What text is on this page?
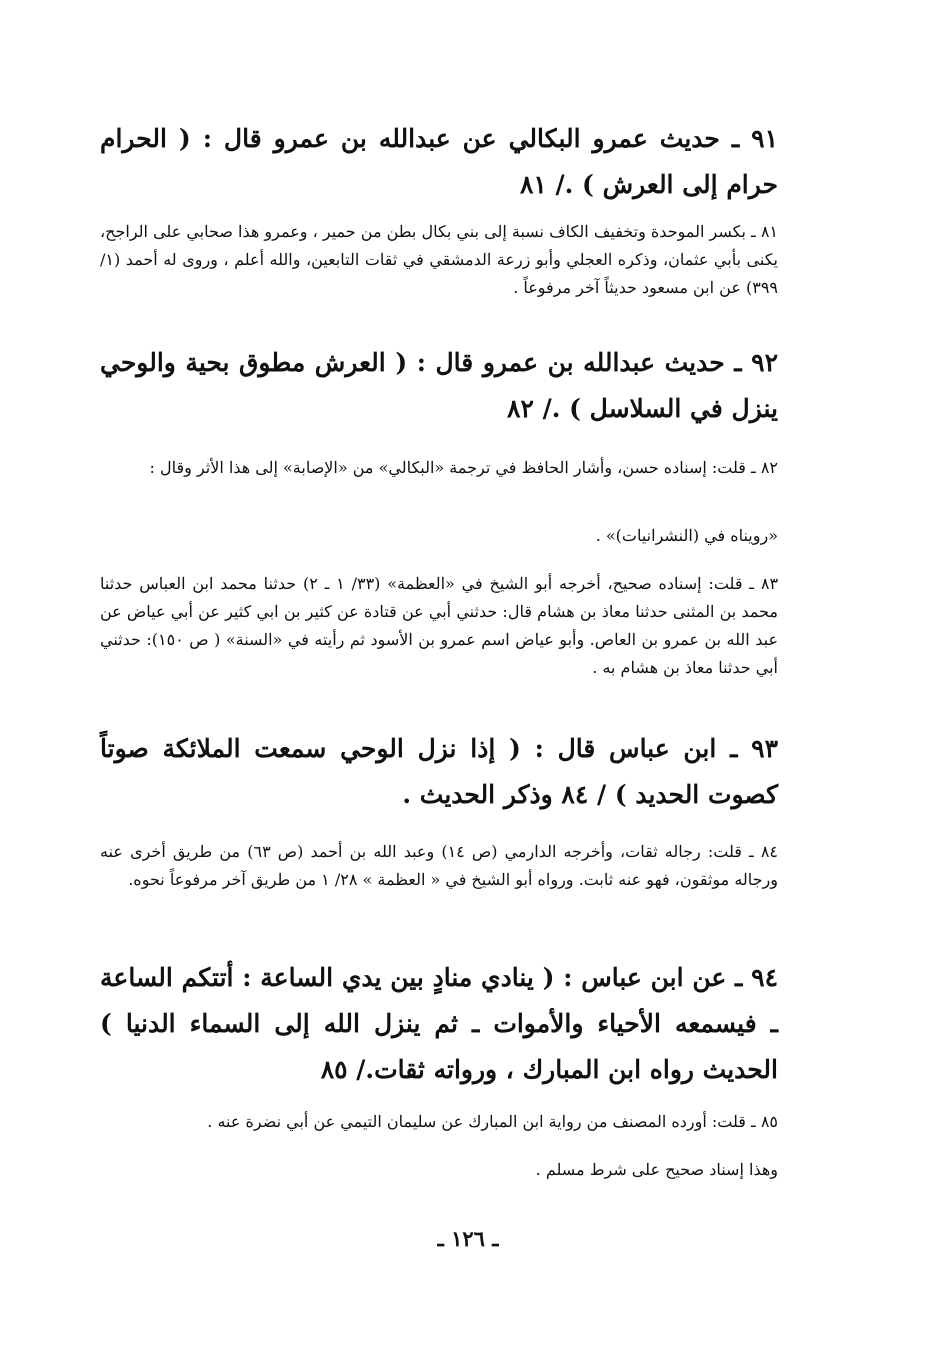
٩١ ـ حديث عمرو البكالي عن عبدالله بن عمرو قال : ( الحرام حرام إلى العرش ) ./ ٨١

٨١ ـ بكسر الموحدة وتخفيف الكاف نسبة إلى بني بكال بطن من حمير ، وعمرو هذا صحابي على الراجح، يكنى بأبي عثمان، وذكره العجلي وأبو زرعة الدمشقي في ثقات التابعين، والله أعلم ، وروى له أحمد (١/ ٣٩٩) عن ابن مسعود حديثاً آخر مرفوعاً .

٩٢ ـ حديث عبدالله بن عمرو قال : ( العرش مطوق بحية والوحي ينزل في السلاسل ) ./ ٨٢

٨٢ ـ قلت: إسناده حسن، وأشار الحافظ في ترجمة «البكالي» من «الإصابة» إلى هذا الأثر وقال :

«رويناه في (النشرانيات)» .

٨٣ ـ قلت: إسناده صحيح، أخرجه أبو الشيخ في «العظمة» (٣٣/ ١ ـ ٢) حدثنا محمد ابن العباس حدثنا محمد بن المثنى حدثنا معاذ بن هشام قال: حدثني أبي عن قتادة عن كثير بن ابي كثير عن أبي عياض عن عبد الله بن عمرو بن العاص. وأبو عياض اسم عمرو بن الأسود ثم رأيته في «السنة» ( ص ١٥٠): حدثني أبي حدثنا معاذ بن هشام به .

٩٣ ـ ابن عباس قال : ( إذا نزل الوحي سمعت الملائكة صوتاً كصوت الحديد ) / ٨٤ وذكر الحديث .

٨٤ ـ قلت: رجاله ثقات، وأخرجه الدارمي (ص ١٤) وعبد الله بن أحمد (ص ٦٣) من طريق أخرى عنه ورجاله موثقون، فهو عنه ثابت. ورواه أبو الشيخ في « العظمة » ٢٨/ ١ من طريق آخر مرفوعاً نحوه.

٩٤ ـ عن ابن عباس : ( ينادي منادٍ بين يدي الساعة : أتتكم الساعة ـ فيسمعه الأحياء والأموات ـ ثم ينزل الله إلى السماء الدنيا ) الحديث رواه ابن المبارك ، ورواته ثقات./ ٨٥

٨٥ ـ قلت: أورده المصنف من رواية ابن المبارك عن سليمان التيمي عن أبي نضرة عنه .

وهذا إسناد صحيح على شرط مسلم .

ـ ١٢٦ ـ
